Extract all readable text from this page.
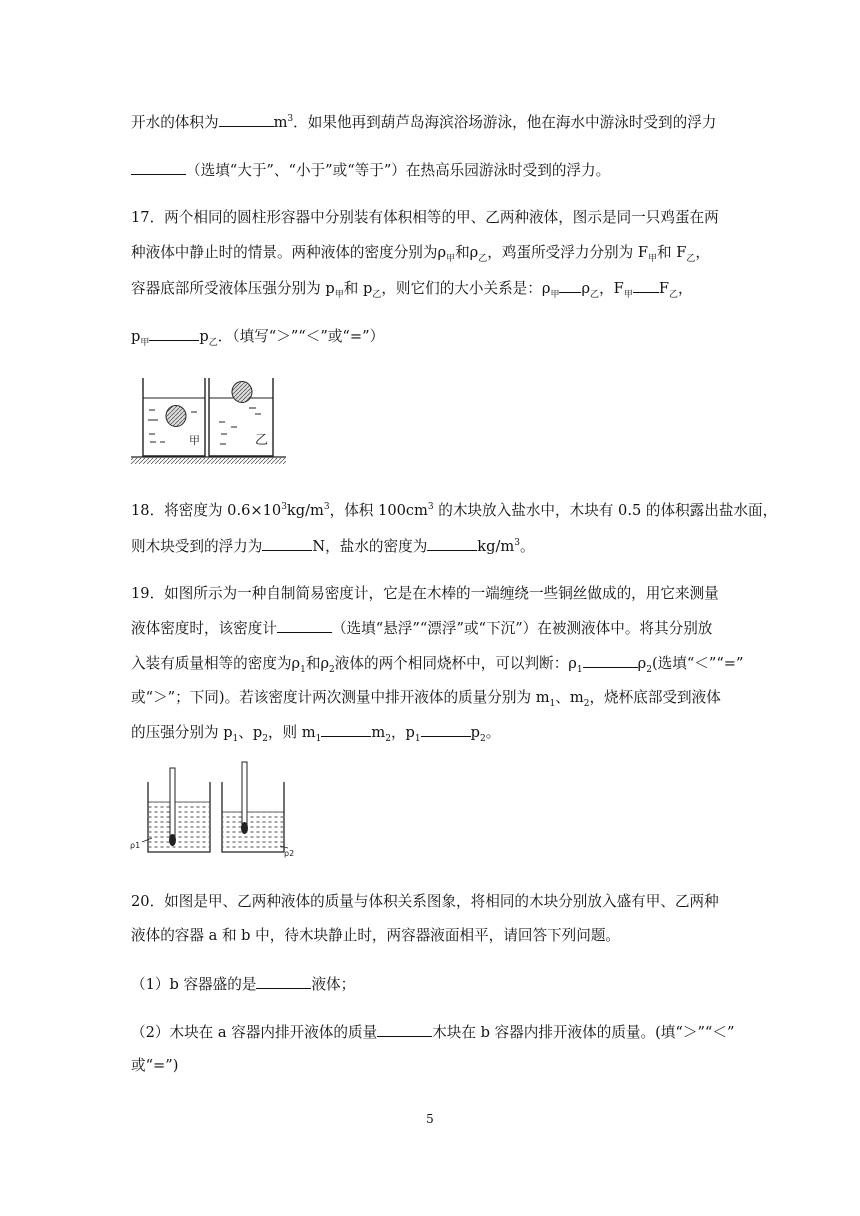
开水的体积为	$m^3$．如果他再到葫芦岛海滨浴场游泳，他在海水中游泳时受到的浮力
（选填“大于”、“小于”或“等于”）在热高乐园游泳时受到的浮力。
17．两个相同的圆柱形容器中分别装有体积相等的甲、乙两种液体，图示是同一只鸡蛋在两
种液体中静止时的情景。两种液体的密度分别为$\rho_甲$和$\rho_乙$，鸡蛋所受浮力分别为 $F_甲$和 $F_乙$，
容器底部所受液体压强分别为 $p_甲$和 $p_乙$，则它们的大小关系是：$\rho_甲$ $\rho_乙$，$F_甲$ $F_乙$，
$p_甲$	$p_乙$．（填写“＞”“＜”或“=”）
甲	乙
18．将密度为 $0.6\times 10^3kg/m^3$，体积 $100cm^3$ 的木块放入盐水中，木块有 0.5 的体积露出盐水面，
则木块受到的浮力为	N，盐水的密度为	$kg/m^3$。
19．如图所示为一种自制简易密度计，它是在木棒的一端缠绕一些铜丝做成的，用它来测量
液体密度时，该密度计	（选填“悬浮”“漂浮”或“下沉”）在被测液体中。将其分别放
入装有质量相等的密度为$\rho_1$和$\rho_2$液体的两个相同烧杯中，可以判断：$\rho_1$	$\rho_2$(选填“＜”“=”
或“＞”；下同)。若该密度计两次测量中排开液体的质量分别为 $m_1$、$m_2$，烧杯底部受到液体
的压强分别为 $p_1$、$p_2$，则 $m_1$	$m_2$，$p_1$	$p_2$。
ρ1
ρ2
20．如图是甲、乙两种液体的质量与体积关系图象，将相同的木块分别放入盛有甲、乙两种
液体的容器 a 和 b 中，待木块静止时，两容器液面相平，请回答下列问题。
（1）b 容器盛的是	液体；
（2）木块在 a 容器内排开液体的质量	木块在 b 容器内排开液体的质量。(填“＞”“＜”
或“=”)
5
